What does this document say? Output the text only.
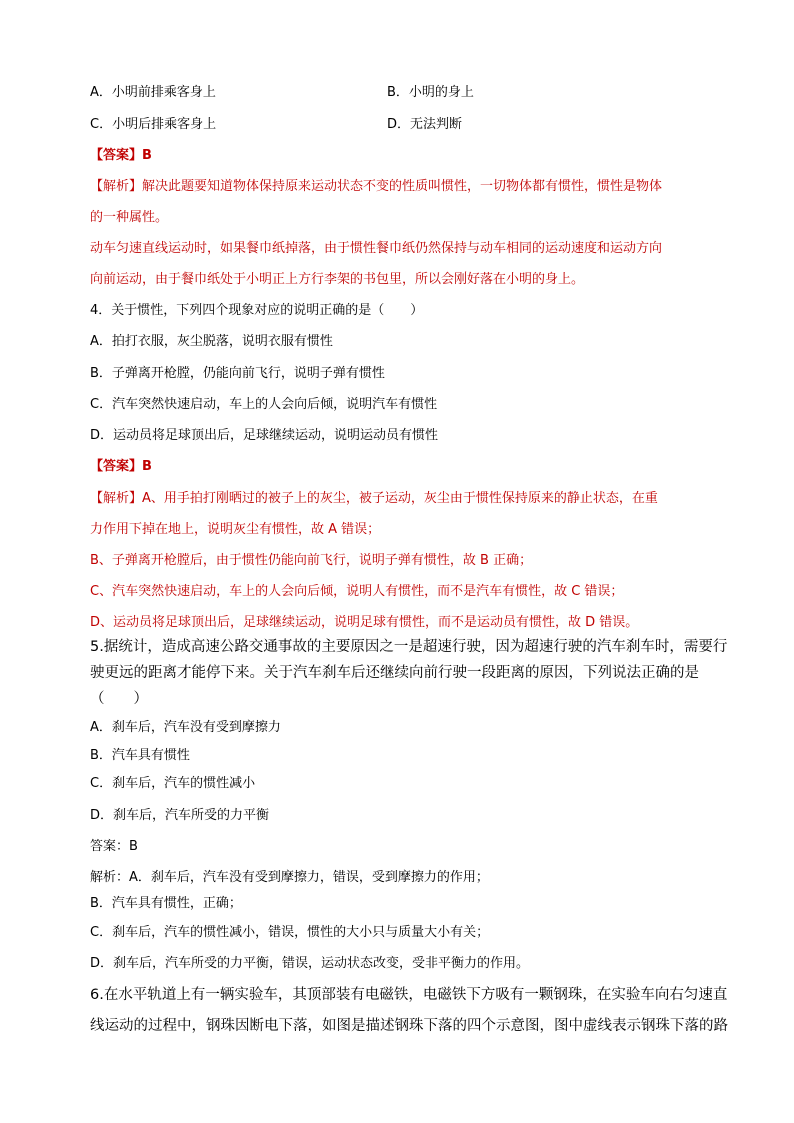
A．小明前排乘客身上	B．小明的身上
C．小明后排乘客身上	D．无法判断
【答案】B
【解析】解决此题要知道物体保持原来运动状态不变的性质叫惯性，一切物体都有惯性，惯性是物体
的一种属性。
动车匀速直线运动时，如果餐巾纸掉落，由于惯性餐巾纸仍然保持与动车相同的运动速度和运动方向
向前运动，由于餐巾纸处于小明正上方行李架的书包里，所以会刚好落在小明的身上。
4．关于惯性，下列四个现象对应的说明正确的是（　　）
A．拍打衣服，灰尘脱落，说明衣服有惯性
B．子弹离开枪膛，仍能向前飞行，说明子弹有惯性
C．汽车突然快速启动，车上的人会向后倾，说明汽车有惯性
D．运动员将足球顶出后，足球继续运动，说明运动员有惯性
【答案】B
【解析】A、用手拍打刚晒过的被子上的灰尘，被子运动，灰尘由于惯性保持原来的静止状态，在重
力作用下掉在地上，说明灰尘有惯性，故 A 错误；
B、子弹离开枪膛后，由于惯性仍能向前飞行，说明子弹有惯性，故 B 正确；
C、汽车突然快速启动，车上的人会向后倾，说明人有惯性，而不是汽车有惯性，故 C 错误；
D、运动员将足球顶出后，足球继续运动，说明足球有惯性，而不是运动员有惯性，故 D 错误。
5.据统计，造成高速公路交通事故的主要原因之一是超速行驶，因为超速行驶的汽车刹车时，需要行
驶更远的距离才能停下来。关于汽车刹车后还继续向前行驶一段距离的原因，下列说法正确的是
（　　）
A．刹车后，汽车没有受到摩擦力
B．汽车具有惯性
C．刹车后，汽车的惯性减小
D．刹车后，汽车所受的力平衡
答案：B
解析：A．刹车后，汽车没有受到摩擦力，错误，受到摩擦力的作用；
B．汽车具有惯性，正确；
C．刹车后，汽车的惯性减小，错误，惯性的大小只与质量大小有关；
D．刹车后，汽车所受的力平衡，错误，运动状态改变，受非平衡力的作用。
6.在水平轨道上有一辆实验车，其顶部装有电磁铁，电磁铁下方吸有一颗钢珠，在实验车向右匀速直
线运动的过程中，钢珠因断电下落，如图是描述钢珠下落的四个示意图，图中虚线表示钢珠下落的路
